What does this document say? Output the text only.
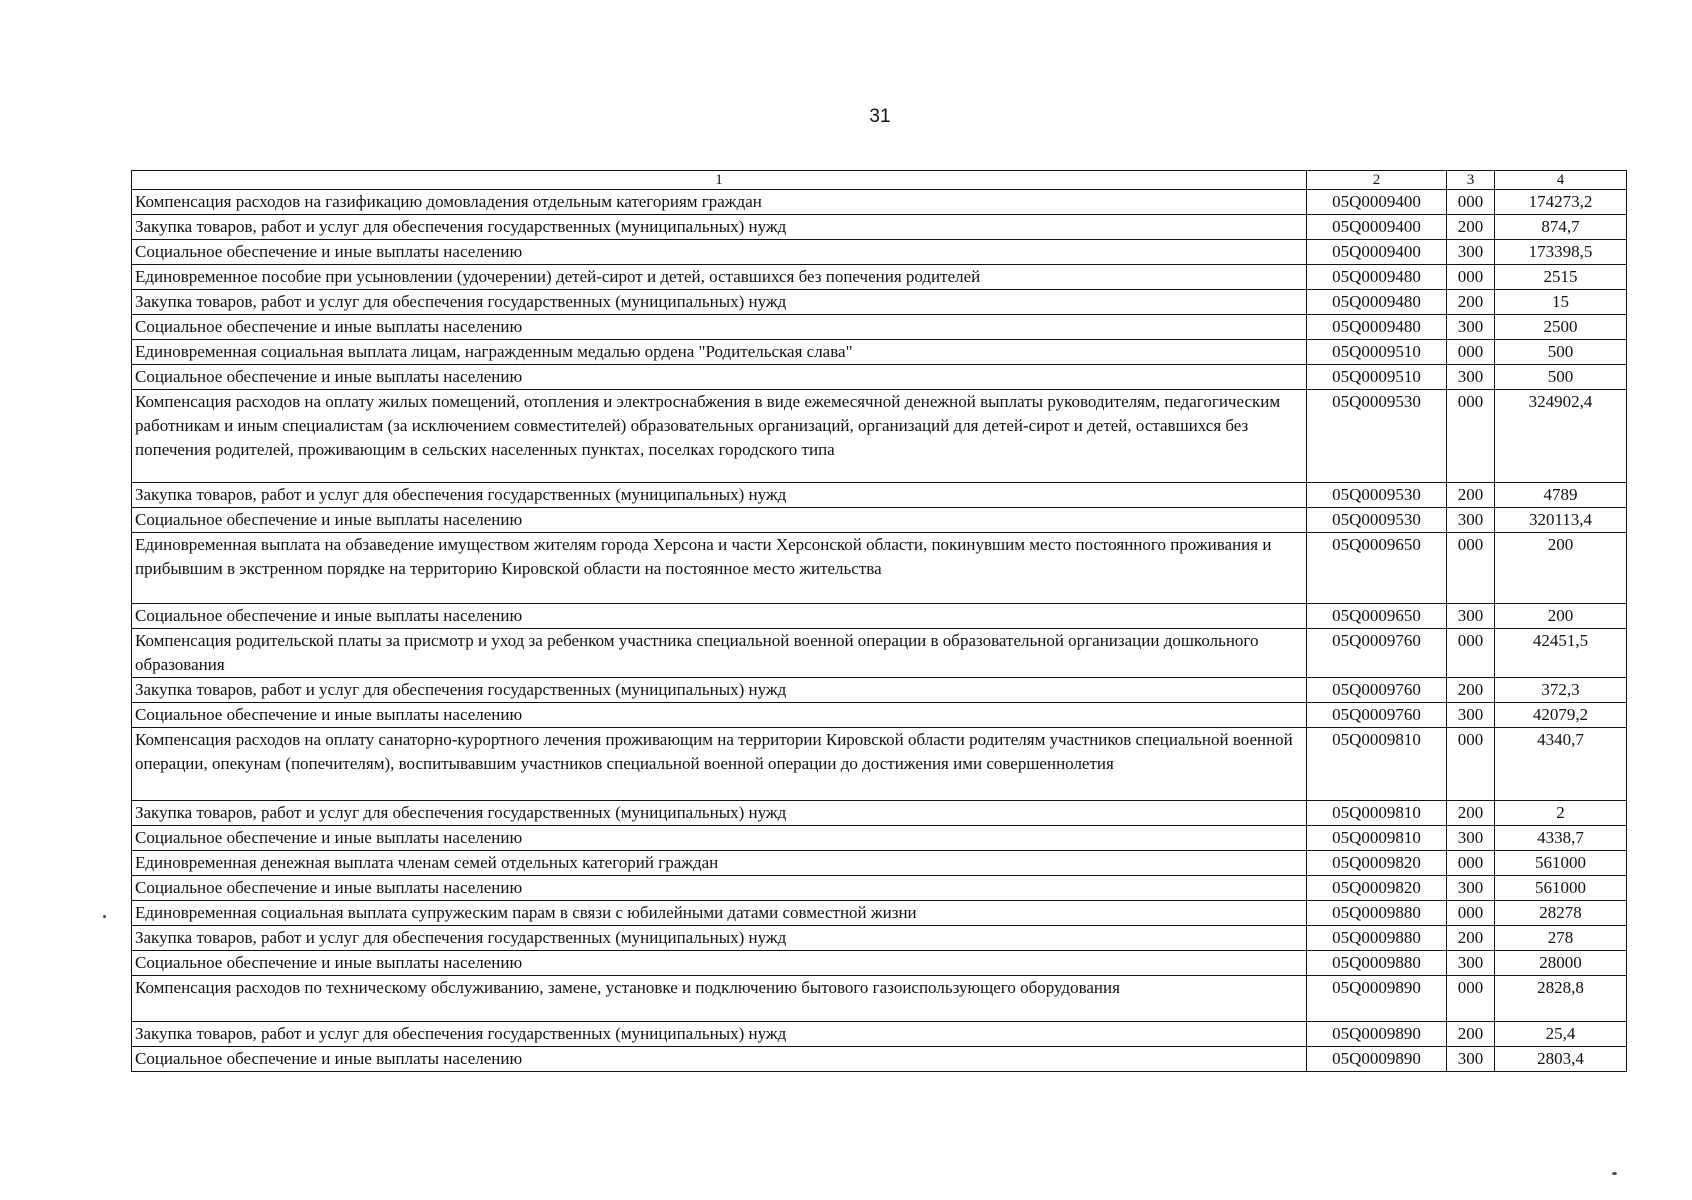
31
1	2	3	4
Компенсация расходов на газификацию домовладения отдельным категориям граждан	05Q0009400	000	174273,2
Закупка товаров, работ и услуг для обеспечения государственных (муниципальных) нужд	05Q0009400	200	874,7
Социальное обеспечение и иные выплаты населению	05Q0009400	300	173398,5
Единовременное пособие при усыновлении (удочерении) детей-сирот и детей, оставшихся без попечения родителей	05Q0009480	000	2515
Закупка товаров, работ и услуг для обеспечения государственных (муниципальных) нужд	05Q0009480	200	15
Социальное обеспечение и иные выплаты населению	05Q0009480	300	2500
Единовременная социальная выплата лицам, награжденным медалью ордена "Родительская слава"	05Q0009510	000	500
Социальное обеспечение и иные выплаты населению	05Q0009510	300	500
Компенсация расходов на оплату жилых помещений, отопления и электроснабжения в виде ежемесячной денежной выплаты руководителям, педагогическим работникам и иным специалистам (за исключением совместителей) образовательных организаций, организаций для детей-сирот и детей, оставшихся без попечения родителей, проживающим в сельских населенных пунктах, поселках городского типа	05Q0009530	000	324902,4
Закупка товаров, работ и услуг для обеспечения государственных (муниципальных) нужд	05Q0009530	200	4789
Социальное обеспечение и иные выплаты населению	05Q0009530	300	320113,4
Единовременная выплата на обзаведение имуществом жителям города Херсона и части Херсонской области, покинувшим место постоянного проживания и прибывшим в экстренном порядке на территорию Кировской области на постоянное место жительства	05Q0009650	000	200
Социальное обеспечение и иные выплаты населению	05Q0009650	300	200
Компенсация родительской платы за присмотр и уход за ребенком участника специальной военной операции в образовательной организации дошкольного образования	05Q0009760	000	42451,5
Закупка товаров, работ и услуг для обеспечения государственных (муниципальных) нужд	05Q0009760	200	372,3
Социальное обеспечение и иные выплаты населению	05Q0009760	300	42079,2
Компенсация расходов на оплату санаторно-курортного лечения проживающим на территории Кировской области родителям участников специальной военной операции, опекунам (попечителям), воспитывавшим участников специальной военной операции до достижения ими совершеннолетия	05Q0009810	000	4340,7
Закупка товаров, работ и услуг для обеспечения государственных (муниципальных) нужд	05Q0009810	200	2
Социальное обеспечение и иные выплаты населению	05Q0009810	300	4338,7
Единовременная денежная выплата членам семей отдельных категорий граждан	05Q0009820	000	561000
Социальное обеспечение и иные выплаты населению	05Q0009820	300	561000
Единовременная социальная выплата супружеским парам в связи с юбилейными датами совместной жизни	05Q0009880	000	28278
Закупка товаров, работ и услуг для обеспечения государственных (муниципальных) нужд	05Q0009880	200	278
Социальное обеспечение и иные выплаты населению	05Q0009880	300	28000
Компенсация расходов по техническому обслуживанию, замене, установке и подключению бытового газоиспользующего оборудования	05Q0009890	000	2828,8
Закупка товаров, работ и услуг для обеспечения государственных (муниципальных) нужд	05Q0009890	200	25,4
Социальное обеспечение и иные выплаты населению	05Q0009890	300	2803,4
